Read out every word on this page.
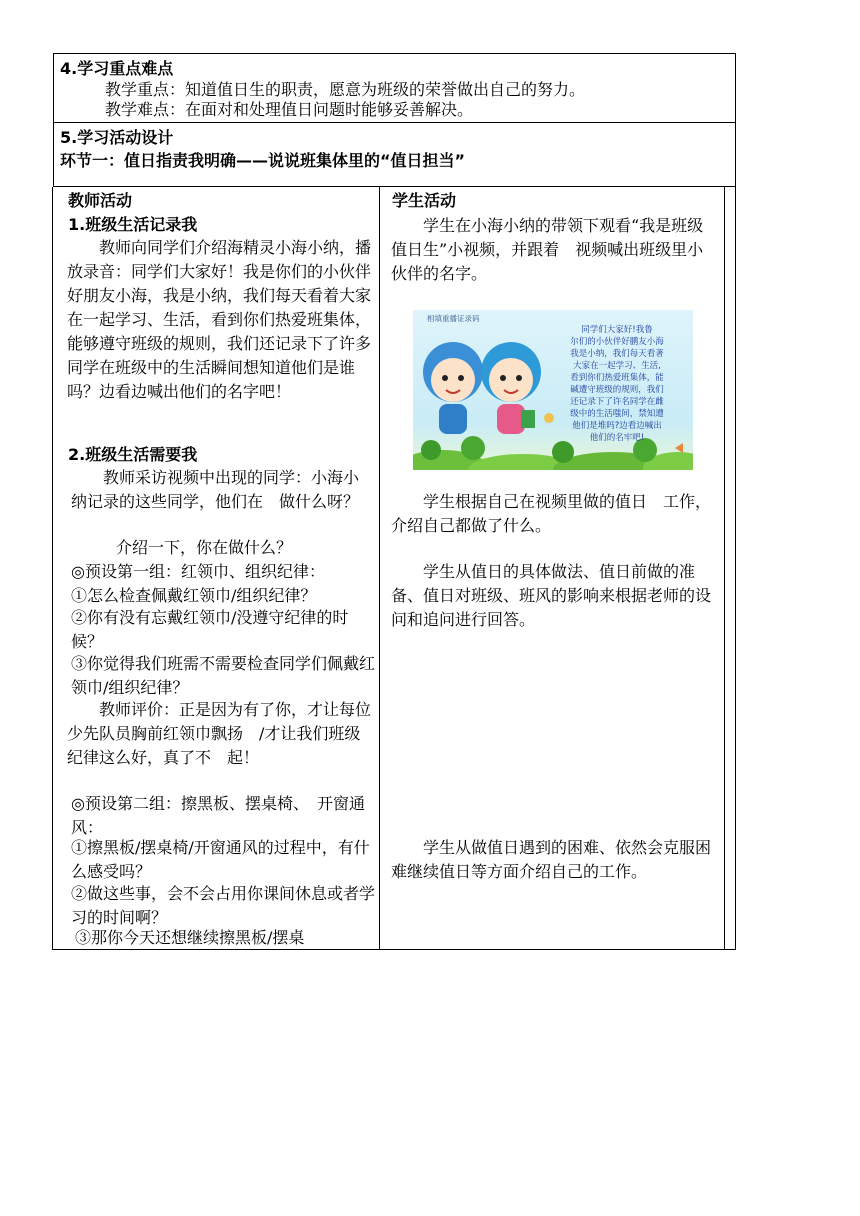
4.学习重点难点
教学重点：知道值日生的职责，愿意为班级的荣誉做出自己的努力。
教学难点：在面对和处理值日问题时能够妥善解决。
5.学习活动设计
环节一：值日指责我明确——说说班集体里的“值日担当”
教师活动
1.班级生活记录我
　　教师向同学们介绍海精灵小海小纳，播放录音：同学们大家好！我是你们的小伙伴好朋友小海，我是小纳，我们每天看着大家在一起学习、生活，看到你们热爱班集体，能够遵守班级的规则，我们还记录下了许多同学在班级中的生活瞬间想知道他们是谁吗？边看边喊出他们的名字吧！
2.班级生活需要我
　　教师采访视频中出现的同学：小海小纳记录的这些同学，他们在　做什么呀？
　　介绍一下，你在做什么？
◎预设第一组：红领巾、组织纪律：
①怎么检查佩戴红领巾/组织纪律？
②你有没有忘戴红领巾/没遵守纪律的时候？
③你觉得我们班需不需要检查同学们佩戴红领巾/组织纪律？
　　教师评价：正是因为有了你，才让每位少先队员胸前红领巾飘扬　/才让我们班级纪律这么好，真了不　起！
◎预设第二组：擦黑板、摆桌椅、　开窗通风：
①擦黑板/摆桌椅/开窗通风的过程中，有什么感受吗？
②做这些事，会不会占用你课间休息或者学习的时间啊？
③那你今天还想继续擦黑板/摆桌
学生活动
　　学生在小海小纳的带领下观看“我是班级值日生”小视频，并跟着　视频喊出班级里小伙伴的名字。
相填重播证录码
同学们大家好!我鲁
尔们的小伙伴好鹏友小海
我是小纳，我们每天看著
大家在一起学习、生活,
看到你们热爱班集体，能
碱遭守班级的规则，我们
还记录下了许名同学在雌
级中的生活嗤间，禁知遭
他们是堆吗?边看边喊出
他们的名牢吧!
　　学生根据自己在视频里做的值日　工作，介绍自己都做了什么。
　　学生从值日的具体做法、值日前做的准备、值日对班级、班风的影响来根据老师的设问和追问进行回答。
　　学生从做值日遇到的困难、依然会克服困难继续值日等方面介绍自己的工作。
